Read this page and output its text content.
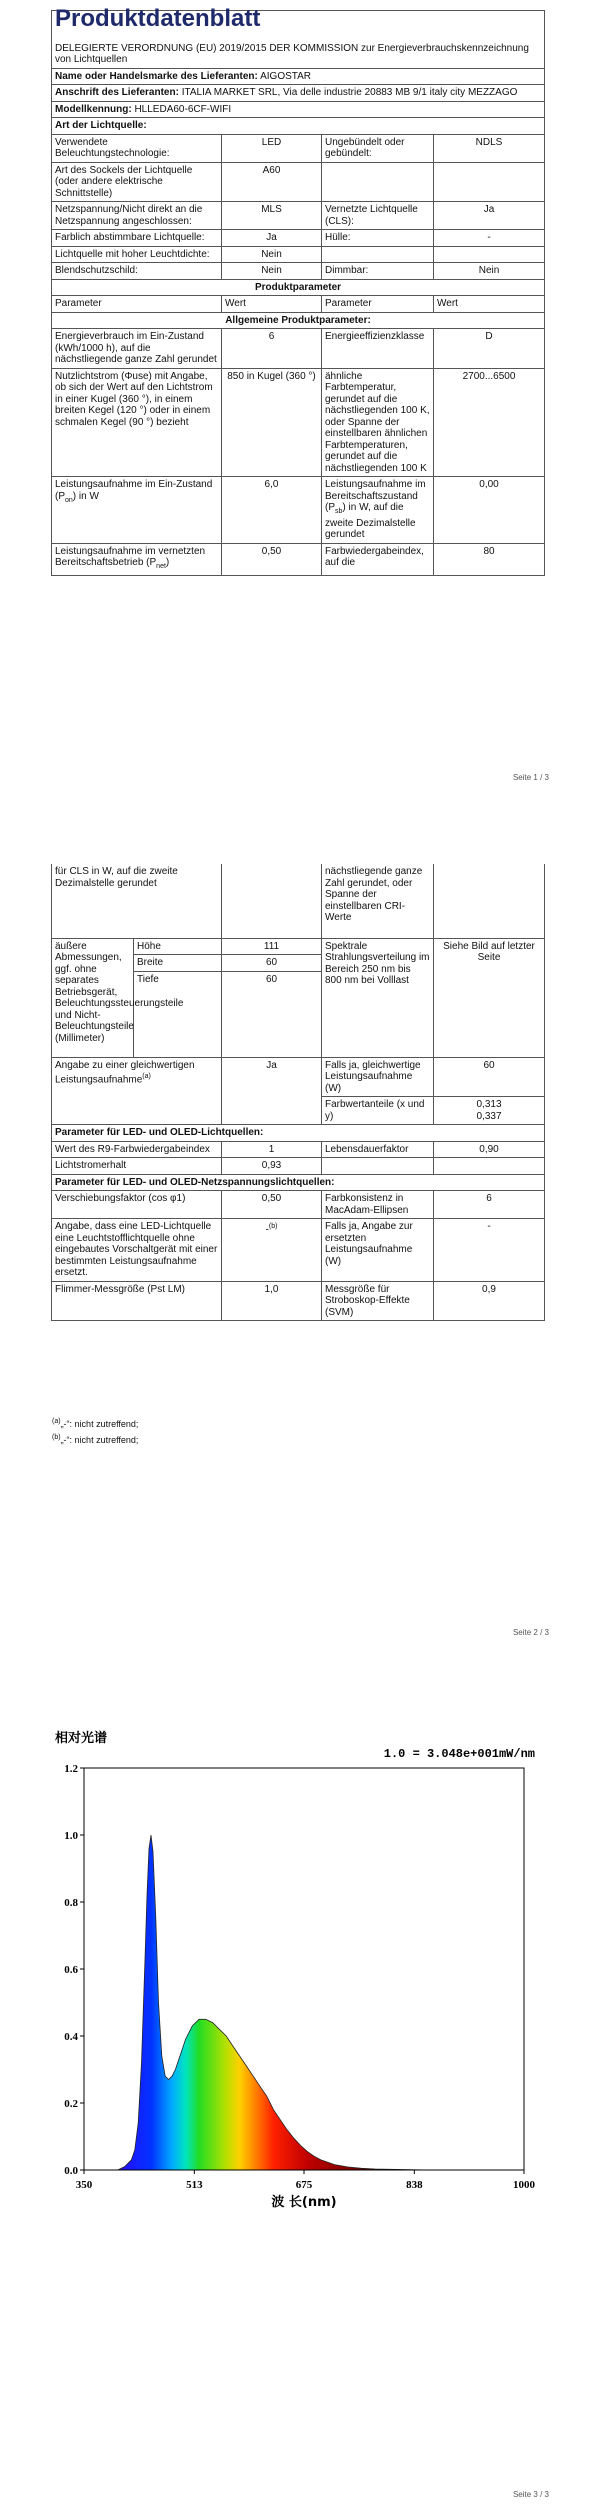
Produktdatenblatt			
DELEGIERTE VERORDNUNG (EU) 2019/2015 DER KOMMISSION zur Energieverbrauchskennzeichnung von Lichtquellen			
Name oder Handelsmarke des Lieferanten: AIGOSTAR			
Anschrift des Lieferanten: ITALIA MARKET SRL, Via delle industrie 20883 MB 9/1 italy city MEZZAGO			
Modellkennung: HLLEDA60-6CF-WIFI			
Art der Lichtquelle:			
Verwendete Beleuchtungstechnologie:	LED	Ungebündelt oder gebündelt:	NDLS
Art des Sockels der Lichtquelle (oder andere elektrische Schnittstelle)	A60		
Netzspannung/Nicht direkt an die Netzspannung angeschlossen:	MLS	Vernetzte Lichtquelle (CLS):	Ja
Farblich abstimmbare Lichtquelle:	Ja	Hülle:	-
Lichtquelle mit hoher Leuchtdichte:	Nein		
Blendschutzschild:	Nein	Dimmbar:	Nein
Produktparameter			
Parameter	Wert	Parameter	Wert
Allgemeine Produktparameter:			
Energieverbrauch im Ein-Zustand (kWh/1000 h), auf die nächstliegende ganze Zahl gerundet	6	Energieeffizienzklasse	D
Nutzlichtstrom (Φuse) mit Angabe, ob sich der Wert auf den Lichtstrom in einer Kugel (360 °), in einem breiten Kegel (120 °) oder in einem schmalen Kegel (90 °) bezieht	850 in Kugel (360 °)	ähnliche Farbtemperatur, gerundet auf die nächstliegenden 100 K, oder Spanne der einstellbaren ähnlichen Farbtemperaturen, gerundet auf die nächstliegenden 100 K	2700...6500
Leistungsaufnahme im Ein-Zustand $(P_{on})$ in W	6,0	Leistungsaufnahme im Bereitschaftszustand $(P_{sb})$ in W, auf die zweite Dezimalstelle gerundet	0,00
Leistungsaufnahme im vernetzten Bereitschaftsbetrieb $(P_{net})$	0,50	Farbwiedergabeindex, auf die	80
Seite 1 / 3
für CLS in W, auf die zweite Dezimalstelle gerundet			nächstliegende ganze Zahl gerundet, oder Spanne der einstellbaren CRI-Werte	
äußere Abmessungen, ggf. ohne separates Betriebsgerät, Beleuchtungssteuerungsteile und Nicht-Beleuchtungsteile (Millimeter)	Höhe	111	Spektrale Strahlungsverteilung im Bereich 250 nm bis 800 nm bei Volllast	Siehe Bild auf letzter Seite
	Breite	60		
	Tiefe	60		
Angabe zu einer gleichwertigen Leistungsaufnahme$^{(a)}$		Ja	Falls ja, gleichwertige Leistungsaufnahme (W)	60
			Farbwertanteile (x und y)	0,313
0,337

Parameter für LED- und OLED-Lichtquellen:				
Wert des R9-Farbwiedergabeindex		1	Lebensdauerfaktor	0,90
Lichtstromerhalt		0,93		
Parameter für LED- und OLED-Netzspannungslichtquellen:				
Verschiebungsfaktor (cos φ1)		0,50	Farbkonsistenz in MacAdam-Ellipsen	6
Angabe, dass eine LED-Lichtquelle eine Leuchtstofflichtquelle ohne eingebautes Vorschaltgerät mit einer bestimmten Leistungsaufnahme ersetzt.		-$^{(b)}$	Falls ja, Angabe zur ersetzten Leistungsaufnahme (W)	-
Flimmer-Messgröße (Pst LM)		1,0	Messgröße für Stroboskop-Effekte (SVM)	0,9
$^{(a)}$„-“: nicht zutreffend;
$^{(b)}$„-“: nicht zutreffend;
Seite 2 / 3
0.0
0.2
0.4
0.6
0.8
1.0
1.2
350	513	675	838	1000
相对光谱
1.0 = 3.048e+001mW/nm
波 长(nm)
Seite 3 / 3
